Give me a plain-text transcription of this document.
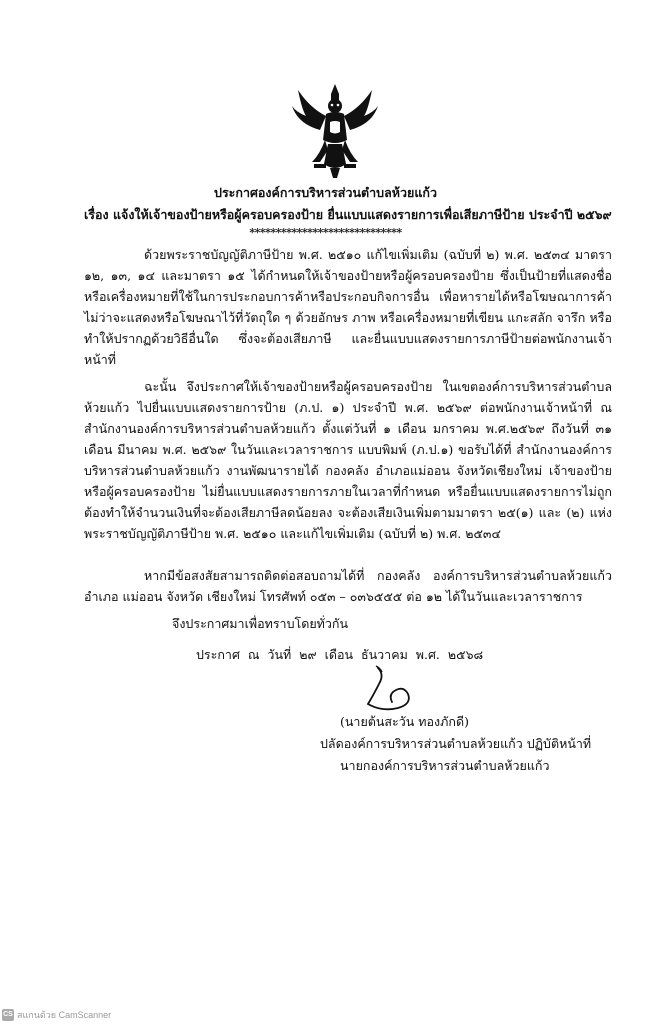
ประกาศองค์การบริหารส่วนตำบลห้วยแก้ว
เรื่อง แจ้งให้เจ้าของป้ายหรือผู้ครอบครองป้าย ยื่นแบบแสดงรายการเพื่อเสียภาษีป้าย ประจำปี ๒๕๖๙
*****************************
ด้วยพระราชบัญญัติภาษีป้าย พ.ศ. ๒๕๑๐ แก้ไขเพิ่มเติม (ฉบับที่ ๒) พ.ศ. ๒๕๓๔ มาตรา ๑๒, ๑๓, ๑๔ และมาตรา ๑๕ ได้กำหนดให้เจ้าของป้ายหรือผู้ครอบครองป้าย ซึ่งเป็นป้ายที่แสดงชื่อหรือเครื่องหมายที่ใช้ในการประกอบการค้าหรือประกอบกิจการอื่น เพื่อหารายได้หรือโฆษณาการค้า ไม่ว่าจะแสดงหรือโฆษณาไว้ที่วัตถุใด ๆ ด้วยอักษร ภาพ หรือเครื่องหมายที่เขียน แกะสลัก จารึก หรือทำให้ปรากฏด้วยวิธีอื่นใด ซึ่งจะต้องเสียภาษี และยื่นแบบแสดงรายการภาษีป้ายต่อพนักงานเจ้าหน้าที่
ฉะนั้น จึงประกาศให้เจ้าของป้ายหรือผู้ครอบครองป้าย ในเขตองค์การบริหารส่วนตำบลห้วยแก้ว ไปยื่นแบบแสดงรายการป้าย (ภ.ป. ๑) ประจำปี พ.ศ. ๒๕๖๙ ต่อพนักงานเจ้าหน้าที่ ณ สำนักงานองค์การบริหารส่วนตำบลห้วยแก้ว ตั้งแต่วันที่ ๑ เดือน มกราคม พ.ศ.๒๕๖๙ ถึงวันที่ ๓๑ เดือน มีนาคม พ.ศ. ๒๕๖๙ ในวันและเวลาราชการ แบบพิมพ์ (ภ.ป.๑) ขอรับได้ที่ สำนักงานองค์การบริหารส่วนตำบลห้วยแก้ว งานพัฒนารายได้ กองคลัง อำเภอแม่ออน จังหวัดเชียงใหม่ เจ้าของป้ายหรือผู้ครอบครองป้าย ไม่ยื่นแบบแสดงรายการภายในเวลาที่กำหนด หรือยื่นแบบแสดงรายการไม่ถูกต้องทำให้จำนวนเงินที่จะต้องเสียภาษีลดน้อยลง จะต้องเสียเงินเพิ่มตามมาตรา ๒๕(๑) และ (๒) แห่งพระราชบัญญัติภาษีป้าย พ.ศ. ๒๕๑๐ และแก้ไขเพิ่มเติม (ฉบับที่ ๒) พ.ศ. ๒๕๓๔
หากมีข้อสงสัยสามารถติดต่อสอบถามได้ที่ กองคลัง องค์การบริหารส่วนตำบลห้วยแก้ว อำเภอ แม่ออน จังหวัด เชียงใหม่ โทรศัพท์ ๐๕๓ – ๐๓๖๕๕๕ ต่อ ๑๒ ได้ในวันและเวลาราชการ
จึงประกาศมาเพื่อทราบโดยทั่วกัน
ประกาศ ณ วันที่ ๒๙ เดือน ธันวาคม พ.ศ. ๒๕๖๘
(นายต้นสะวัน ทองภักดี)
ปลัดองค์การบริหารส่วนตำบลห้วยแก้ว ปฏิบัติหน้าที่
นายกองค์การบริหารส่วนตำบลห้วยแก้ว
CS สแกนด้วย CamScanner
